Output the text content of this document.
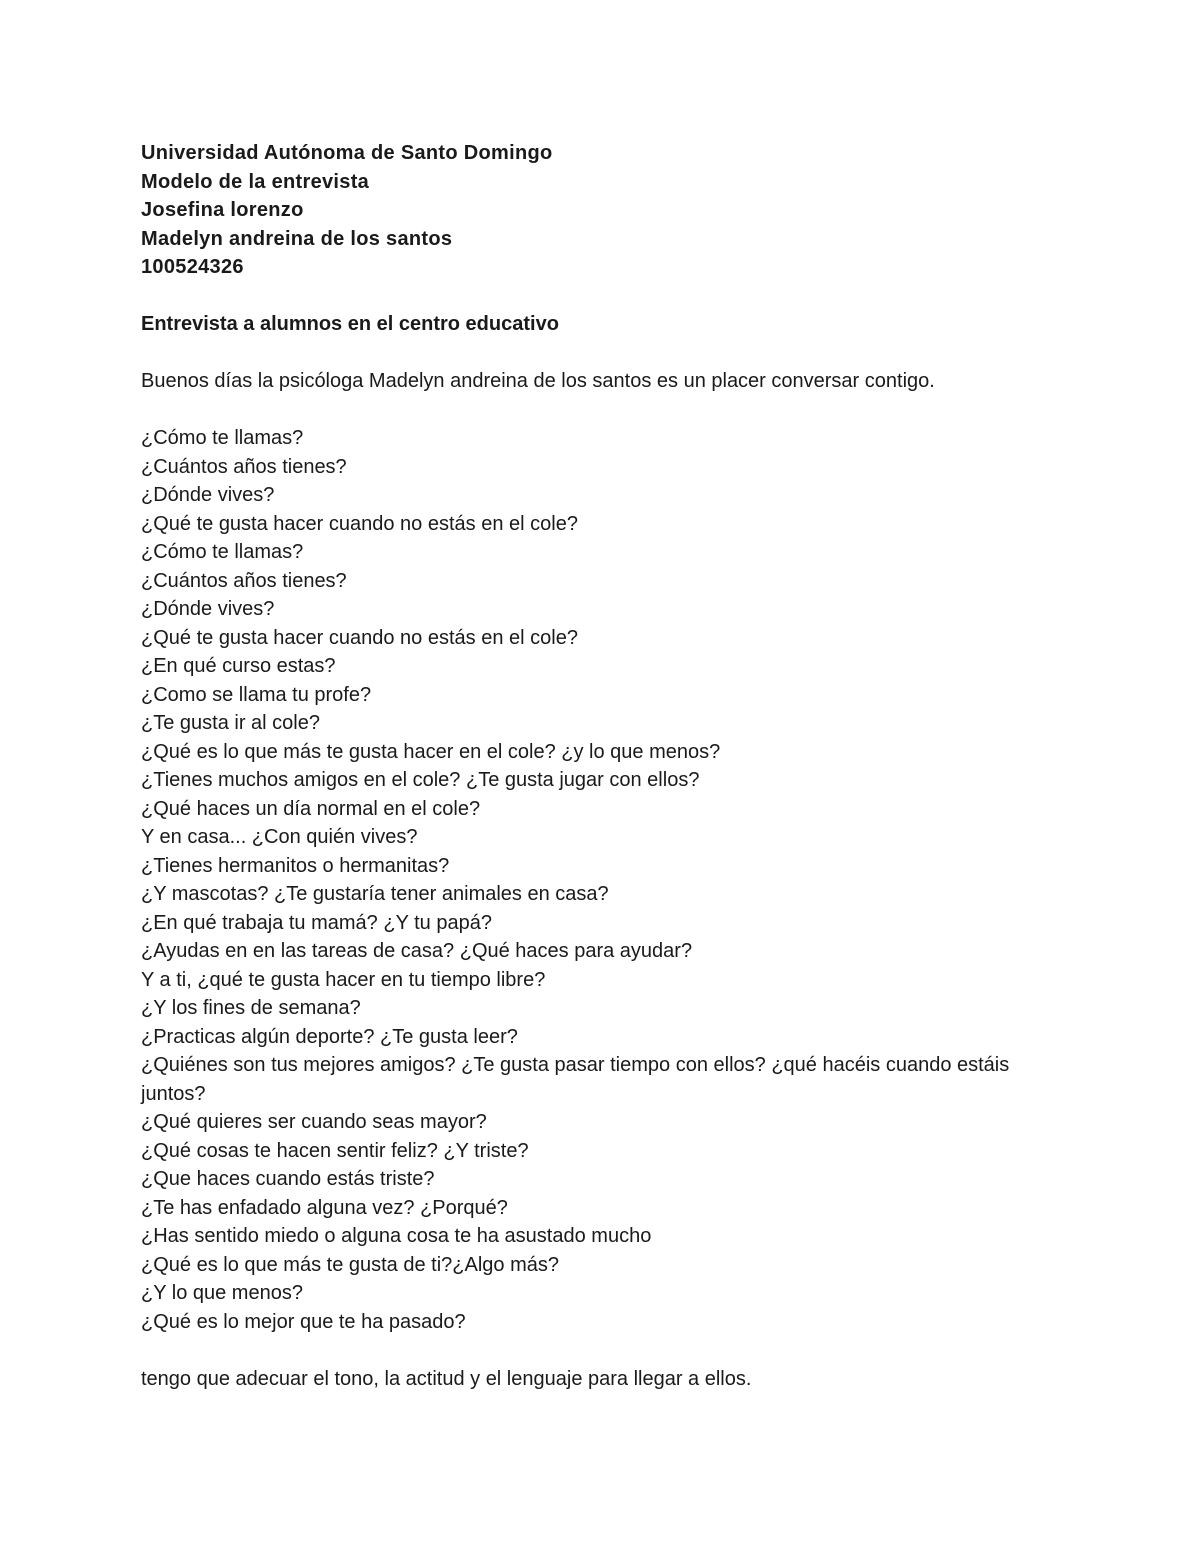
Universidad Autónoma de Santo Domingo
Modelo de la entrevista
Josefina lorenzo
Madelyn andreina de los santos
100524326
Entrevista a alumnos en el centro educativo
Buenos días la psicóloga Madelyn andreina de los santos es un placer conversar contigo.
¿Cómo te llamas?
¿Cuántos años tienes?
¿Dónde vives?
¿Qué te gusta hacer cuando no estás en el cole?
¿Cómo te llamas?
¿Cuántos años tienes?
¿Dónde vives?
¿Qué te gusta hacer cuando no estás en el cole?
¿En qué curso estas?
¿Como se llama tu profe?
¿Te gusta ir al cole?
¿Qué es lo que más te gusta hacer en el cole? ¿y lo que menos?
¿Tienes muchos amigos en el cole? ¿Te gusta jugar con ellos?
¿Qué haces un día normal en el cole?
Y en casa... ¿Con quién vives?
¿Tienes hermanitos o hermanitas?
¿Y mascotas? ¿Te gustaría tener animales en casa?
¿En qué trabaja tu mamá? ¿Y tu papá?
¿Ayudas en en las tareas de casa? ¿Qué haces para ayudar?
Y a ti, ¿qué te gusta hacer en tu tiempo libre?
¿Y los fines de semana?
¿Practicas algún deporte? ¿Te gusta leer?
¿Quiénes son tus mejores amigos? ¿Te gusta pasar tiempo con ellos? ¿qué hacéis cuando estáis juntos?
¿Qué quieres ser cuando seas mayor?
¿Qué cosas te hacen sentir feliz? ¿Y triste?
¿Que haces cuando estás triste?
¿Te has enfadado alguna vez? ¿Porqué?
¿Has sentido miedo o alguna cosa te ha asustado mucho
¿Qué es lo que más te gusta de ti?¿Algo más?
¿Y lo que menos?
¿Qué es lo mejor que te ha pasado?
tengo que adecuar el tono, la actitud y el lenguaje para llegar a ellos.
